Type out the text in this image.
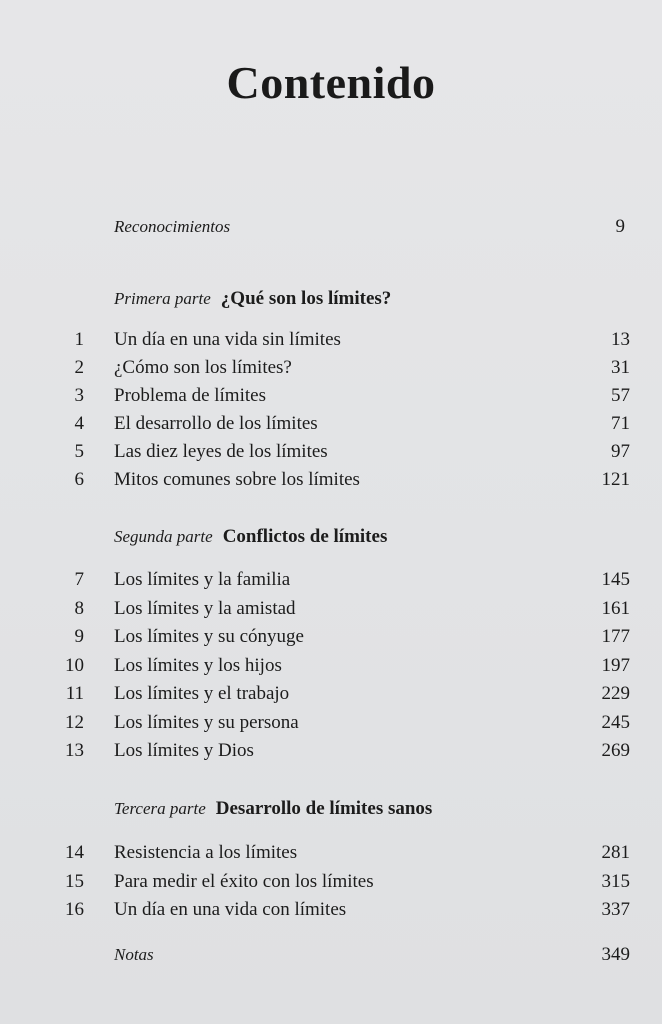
Contenido
Reconocimientos	9
Primera parte ¿Qué son los límites?
1 Un día en una vida sin límites	13
2 ¿Cómo son los límites?	31
3 Problema de límites	57
4 El desarrollo de los límites	71
5 Las diez leyes de los límites	97
6 Mitos comunes sobre los límites	121
Segunda parte Conflictos de límites
7 Los límites y la familia	145
8 Los límites y la amistad	161
9 Los límites y su cónyuge	177
10 Los límites y los hijos	197
11 Los límites y el trabajo	229
12 Los límites y su persona	245
13 Los límites y Dios	269
Tercera parte Desarrollo de límites sanos
14 Resistencia a los límites	281
15 Para medir el éxito con los límites	315
16 Un día en una vida con límites	337
Notas	349
